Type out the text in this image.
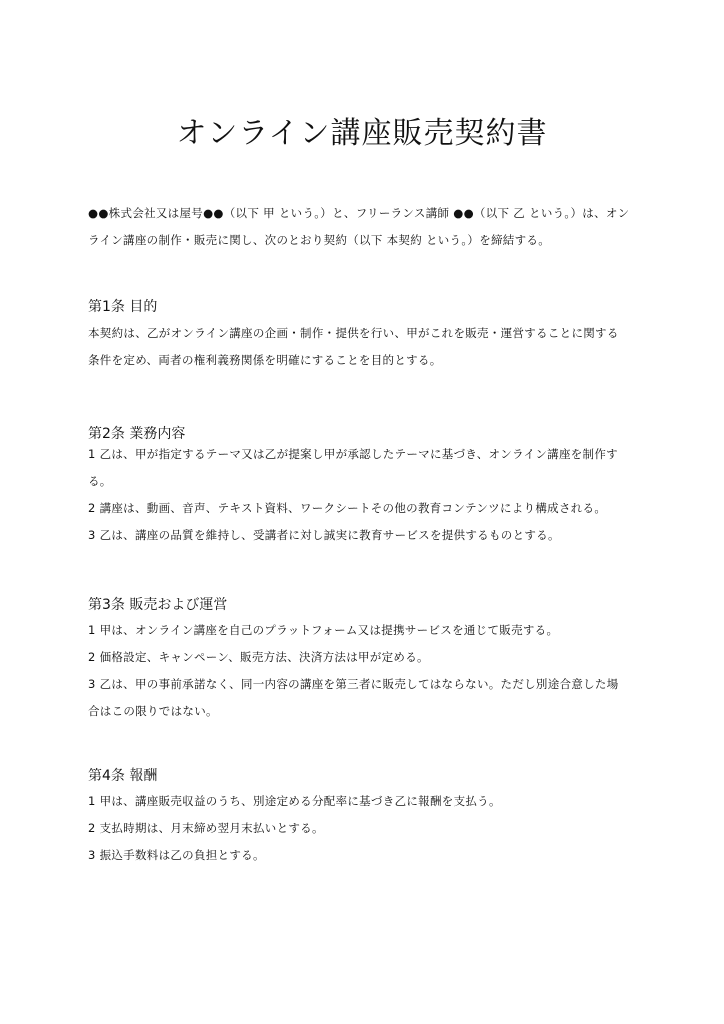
オンライン講座販売契約書
●●株式会社又は屋号●●（以下 甲 という。）と、フリーランス講師 ●●（以下 乙 という。）は、オン
ライン講座の制作・販売に関し、次のとおり契約（以下 本契約 という。）を締結する。
第1条 目的
本契約は、乙がオンライン講座の企画・制作・提供を行い、甲がこれを販売・運営することに関する
条件を定め、両者の権利義務関係を明確にすることを目的とする。
第2条 業務内容
1 乙は、甲が指定するテーマ又は乙が提案し甲が承認したテーマに基づき、オンライン講座を制作す
る。
2 講座は、動画、音声、テキスト資料、ワークシートその他の教育コンテンツにより構成される。
3 乙は、講座の品質を維持し、受講者に対し誠実に教育サービスを提供するものとする。
第3条 販売および運営
1 甲は、オンライン講座を自己のプラットフォーム又は提携サービスを通じて販売する。
2 価格設定、キャンペーン、販売方法、決済方法は甲が定める。
3 乙は、甲の事前承諾なく、同一内容の講座を第三者に販売してはならない。ただし別途合意した場
合はこの限りではない。
第4条 報酬
1 甲は、講座販売収益のうち、別途定める分配率に基づき乙に報酬を支払う。
2 支払時期は、月末締め翌月末払いとする。
3 振込手数料は乙の負担とする。
